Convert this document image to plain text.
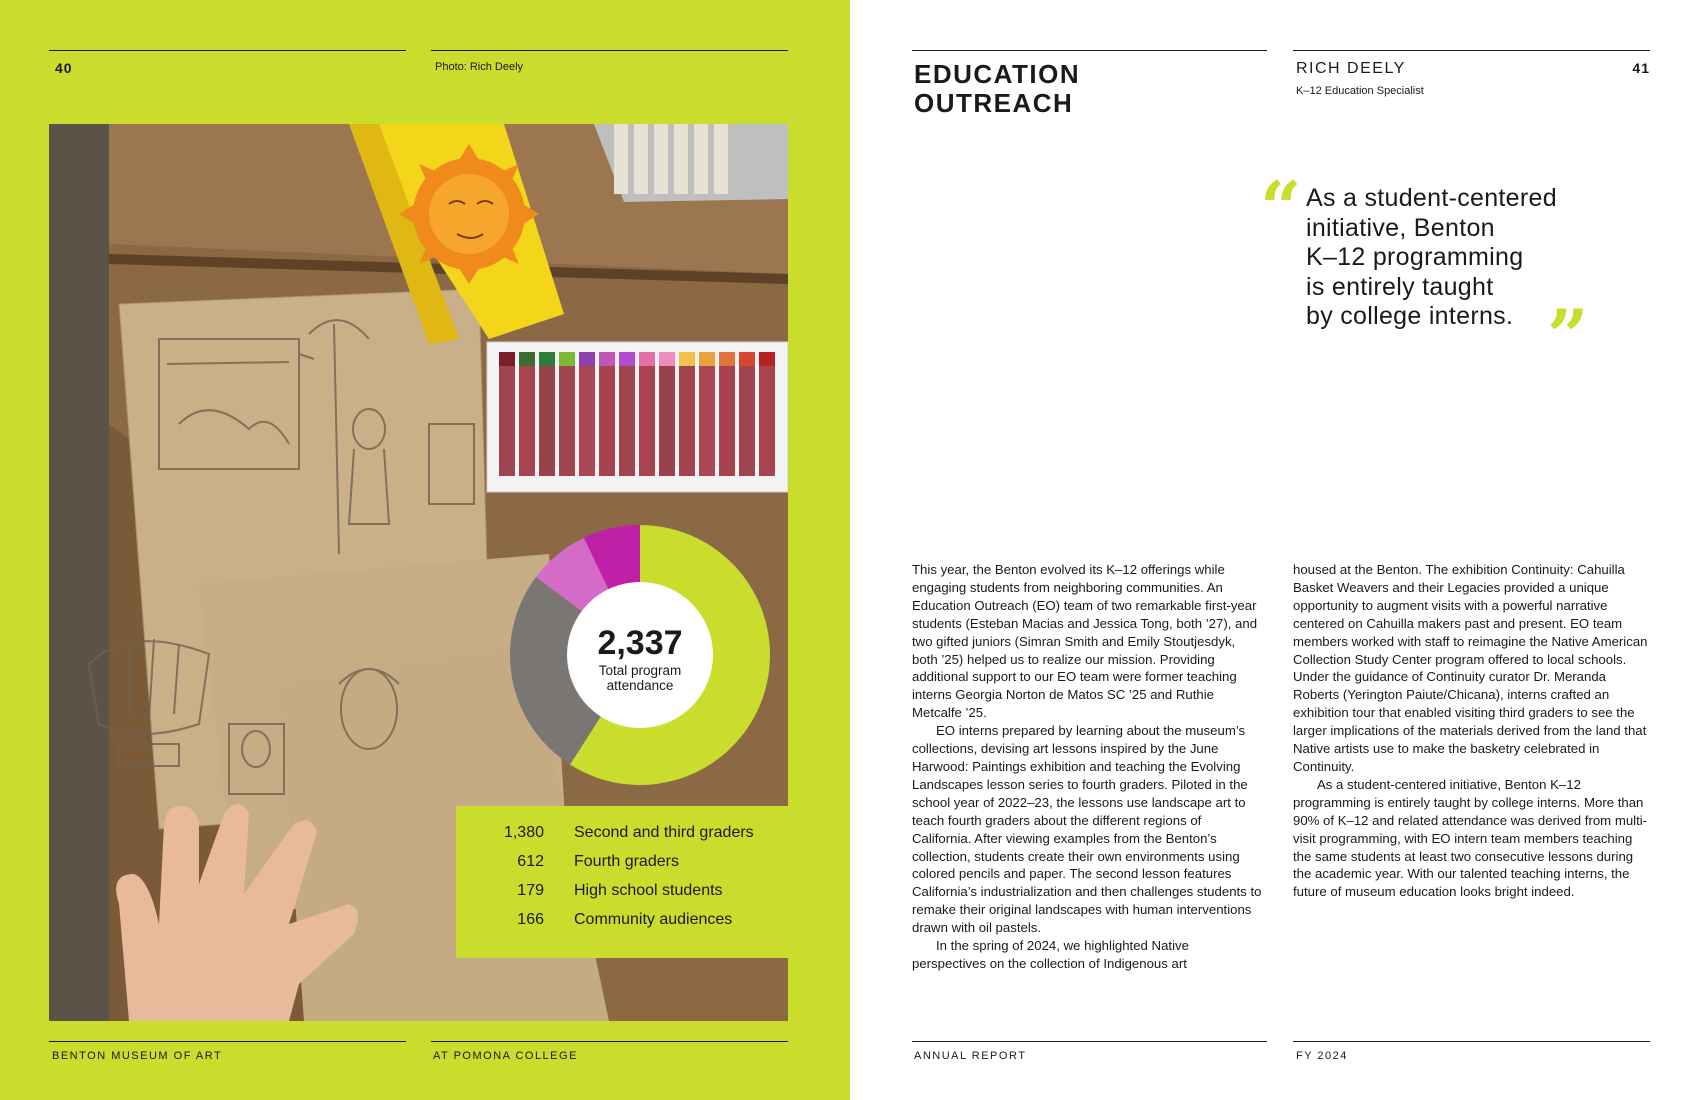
40	Photo: Rich Deely

2,337
Total program
attendance
1,380 Second and third graders
612 Fourth graders
179 High school students
166 Community audiences

BENTON MUSEUM OF ART	AT POMONA COLLEGE

EDUCATION
OUTREACH

RICH DEELY

K–12 Education Specialist

41

“ As a student-centered
initiative, Benton
K–12 programming
is entirely taught
by college interns. ”

This year, the Benton evolved its K–12 offerings while engaging students from neighboring communities. An Education Outreach (EO) team of two remarkable first-year students (Esteban Macias and Jessica Tong, both ’27), and two gifted juniors (Simran Smith and Emily Stoutjesdyk, both ’25) helped us to realize our mission. Providing additional support to our EO team were former teaching interns Georgia Norton de Matos SC ’25 and Ruthie Metcalfe ’25.

EO interns prepared by learning about the museum’s collections, devising art lessons inspired by the June Harwood: Paintings exhibition and teaching the Evolving Landscapes lesson series to fourth graders. Piloted in the school year of 2022–23, the lessons use landscape art to teach fourth graders about the different regions of California. After viewing examples from the Benton’s collection, students create their own environments using colored pencils and paper. The second lesson features California’s industrialization and then challenges students to remake their original landscapes with human interventions drawn with oil pastels.

In the spring of 2024, we highlighted Native perspectives on the collection of Indigenous art

housed at the Benton. The exhibition Continuity: Cahuilla Basket Weavers and their Legacies provided a unique opportunity to augment visits with a powerful narrative centered on Cahuilla makers past and present. EO team members worked with staff to reimagine the Native American Collection Study Center program offered to local schools. Under the guidance of Continuity curator Dr. Meranda Roberts (Yerington Paiute/Chicana), interns crafted an exhibition tour that enabled visiting third graders to see the larger implications of the materials derived from the land that Native artists use to make the basketry celebrated in Continuity.

As a student-centered initiative, Benton K–12 programming is entirely taught by college interns. More than 90% of K–12 and related attendance was derived from multi-visit programming, with EO intern team members teaching the same students at least two consecutive lessons during the academic year. With our talented teaching interns, the future of museum education looks bright indeed.

ANNUAL REPORT	FY 2024
